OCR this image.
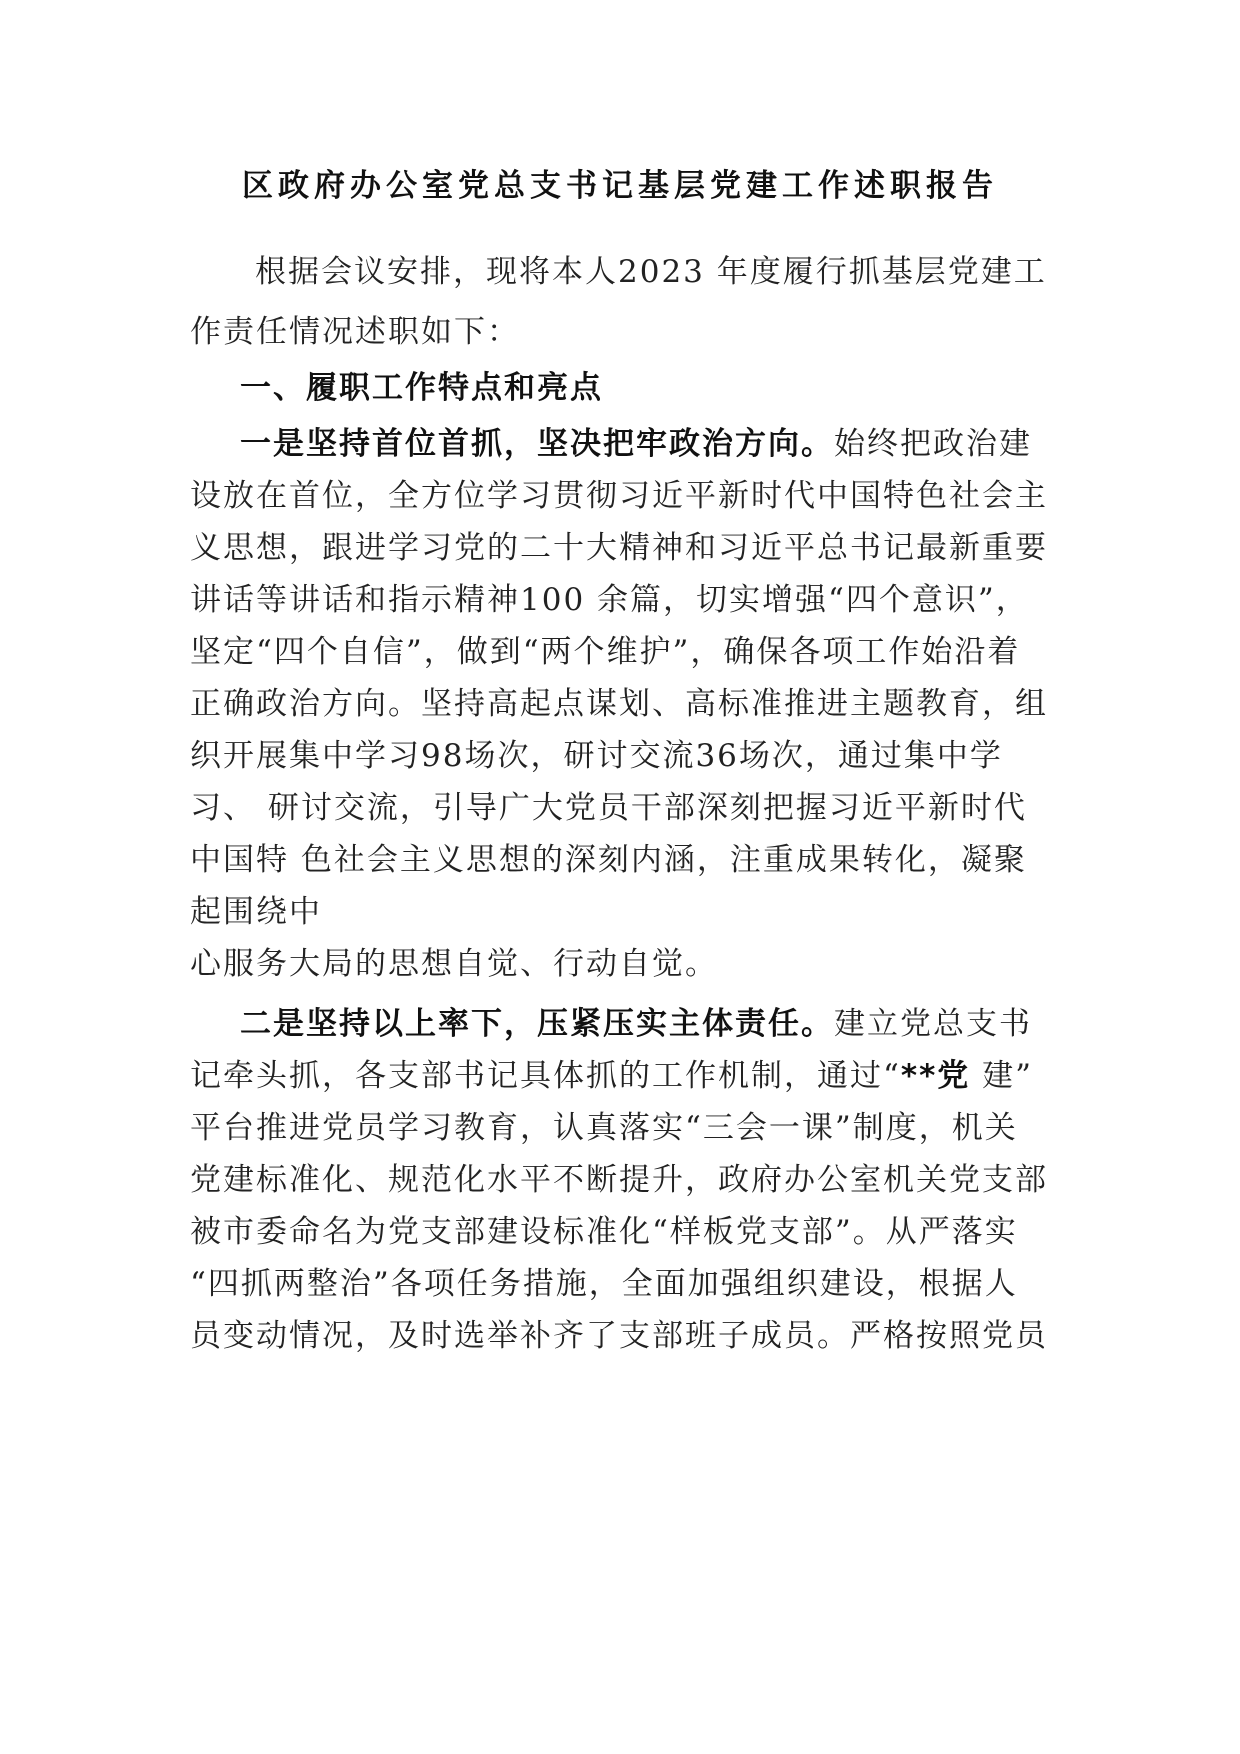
区政府办公室党总支书记基层党建工作述职报告

根据会议安排，现将本人2023 年度履行抓基层党建工

作责任情况述职如下：

一、履职工作特点和亮点

一是坚持首位首抓，坚决把牢政治方向。始终把政治建

设放在首位，全方位学习贯彻习近平新时代中国特色社会主

义思想，跟进学习党的二十大精神和习近平总书记最新重要

讲话等讲话和指示精神100 余篇，切实增强“四个意识”，

坚定“四个自信”，做到“两个维护”，确保各项工作始沿着

正确政治方向。坚持高起点谋划、高标准推进主题教育，组

织开展集中学习98场次，研讨交流36场次，通过集中学

习、 研讨交流，引导广大党员干部深刻把握习近平新时代

中国特 色社会主义思想的深刻内涵，注重成果转化，凝聚

起围绕中

心服务大局的思想自觉、行动自觉。

二是坚持以上率下，压紧压实主体责任。建立党总支书

记牵头抓，各支部书记具体抓的工作机制，通过“**党 建”

平台推进党员学习教育，认真落实“三会一课”制度，机关

党建标准化、规范化水平不断提升，政府办公室机关党支部

被市委命名为党支部建设标准化“样板党支部”。从严落实

“四抓两整治”各项任务措施，全面加强组织建设，根据人

员变动情况，及时选举补齐了支部班子成员。严格按照党员
